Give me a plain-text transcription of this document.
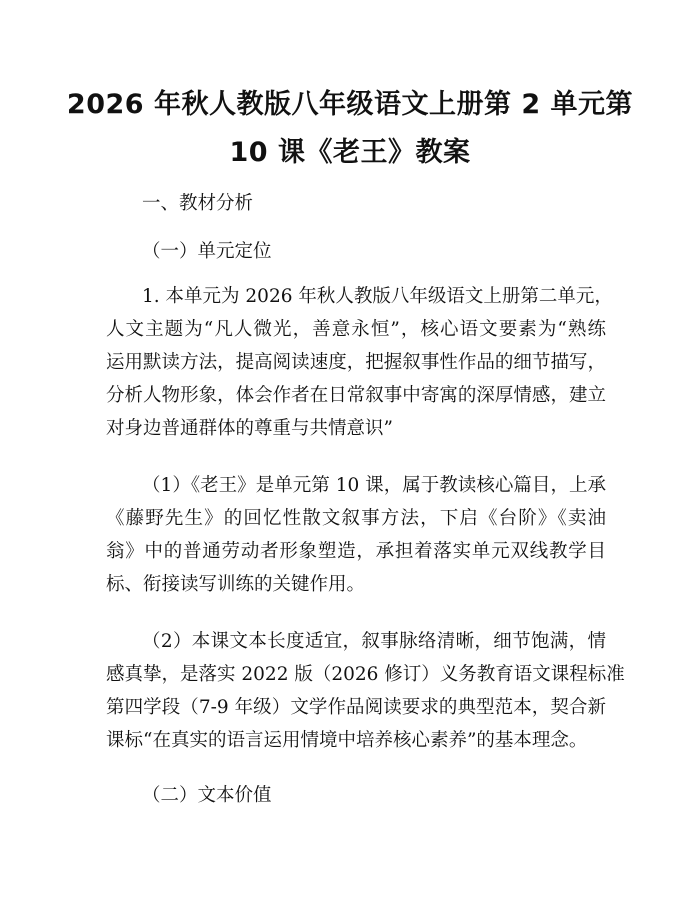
2026 年秋人教版八年级语文上册第 2 单元第
10 课《老王》教案
一、教材分析
（一）单元定位
1. 本单元为 2026 年秋人教版八年级语文上册第二单元，
人文主题为“凡人微光，善意永恒”，核心语文要素为“熟练
运用默读方法，提高阅读速度，把握叙事性作品的细节描写，
分析人物形象，体会作者在日常叙事中寄寓的深厚情感，建立
对身边普通群体的尊重与共情意识”
（1）《老王》是单元第 10 课，属于教读核心篇目，上承
《藤野先生》的回忆性散文叙事方法，下启《台阶》《卖油
翁》中的普通劳动者形象塑造，承担着落实单元双线教学目
标、衔接读写训练的关键作用。
（2）本课文本长度适宜，叙事脉络清晰，细节饱满，情
感真挚，是落实 2022 版（2026 修订）义务教育语文课程标准
第四学段（7-9 年级）文学作品阅读要求的典型范本，契合新
课标“在真实的语言运用情境中培养核心素养”的基本理念。
（二）文本价值
